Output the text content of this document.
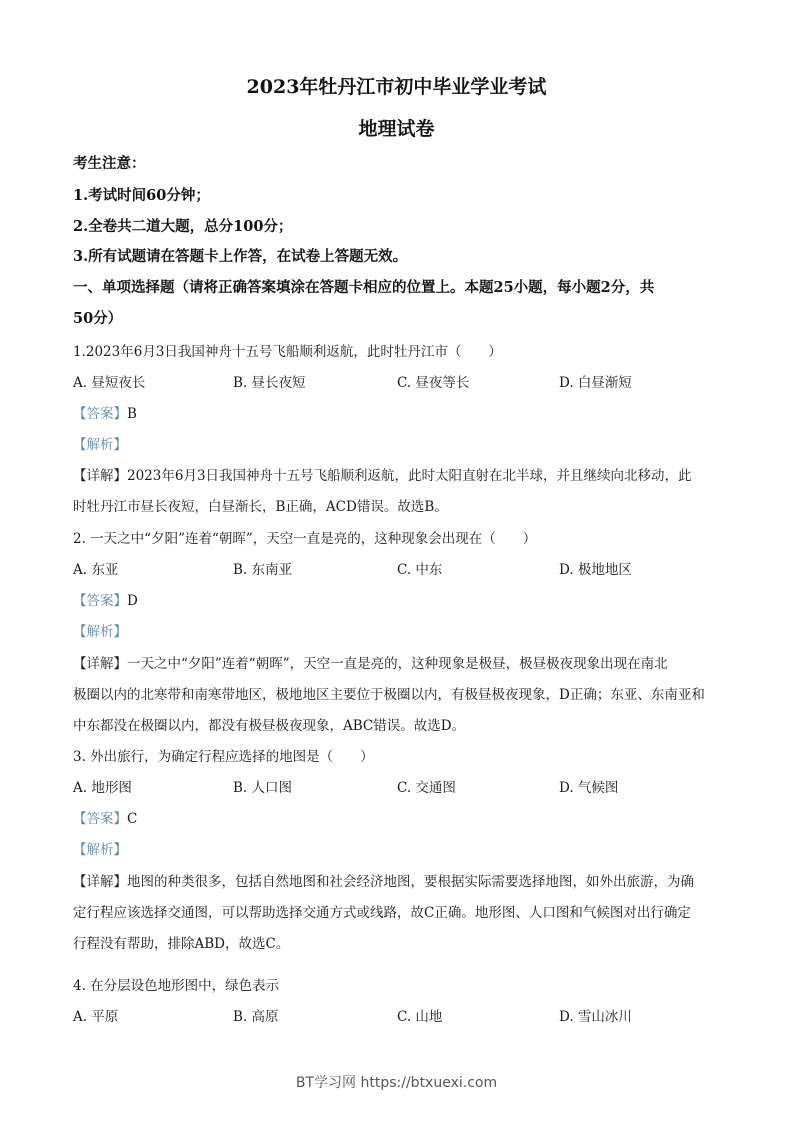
2023年牡丹江市初中毕业学业考试
地理试卷
考生注意：
1.考试时间60分钟；
2.全卷共二道大题，总分100分；
3.所有试题请在答题卡上作答，在试卷上答题无效。
一、单项选择题（请将正确答案填涂在答题卡相应的位置上。本题25小题，每小题2分，共
50分）
1.2023年6月3日我国神舟十五号飞船顺利返航，此时牡丹江市（　　）
A. 昼短夜长	B. 昼长夜短	C. 昼夜等长	D. 白昼渐短
【答案】B
【解析】
【详解】2023年6月3日我国神舟十五号飞船顺利返航，此时太阳直射在北半球，并且继续向北移动，此
时牡丹江市昼长夜短，白昼渐长，B正确，ACD错误。故选B。
2. 一天之中“夕阳”连着“朝晖”，天空一直是亮的，这种现象会出现在（　　）
A. 东亚	B. 东南亚	C. 中东	D. 极地地区
【答案】D
【解析】
【详解】一天之中“夕阳”连着“朝晖”，天空一直是亮的，这种现象是极昼，极昼极夜现象出现在南北
极圈以内的北寒带和南寒带地区，极地地区主要位于极圈以内，有极昼极夜现象，D正确；东亚、东南亚和
中东都没在极圈以内，都没有极昼极夜现象，ABC错误。故选D。
3. 外出旅行，为确定行程应选择的地图是（　　）
A. 地形图	B. 人口图	C. 交通图	D. 气候图
【答案】C
【解析】
【详解】地图的种类很多，包括自然地图和社会经济地图，要根据实际需要选择地图，如外出旅游，为确
定行程应该选择交通图，可以帮助选择交通方式或线路，故C正确。地形图、人口图和气候图对出行确定
行程没有帮助，排除ABD，故选C。
4. 在分层设色地形图中，绿色表示
A. 平原	B. 高原	C. 山地	D. 雪山冰川
BT学习网 https://btxuexi.com
